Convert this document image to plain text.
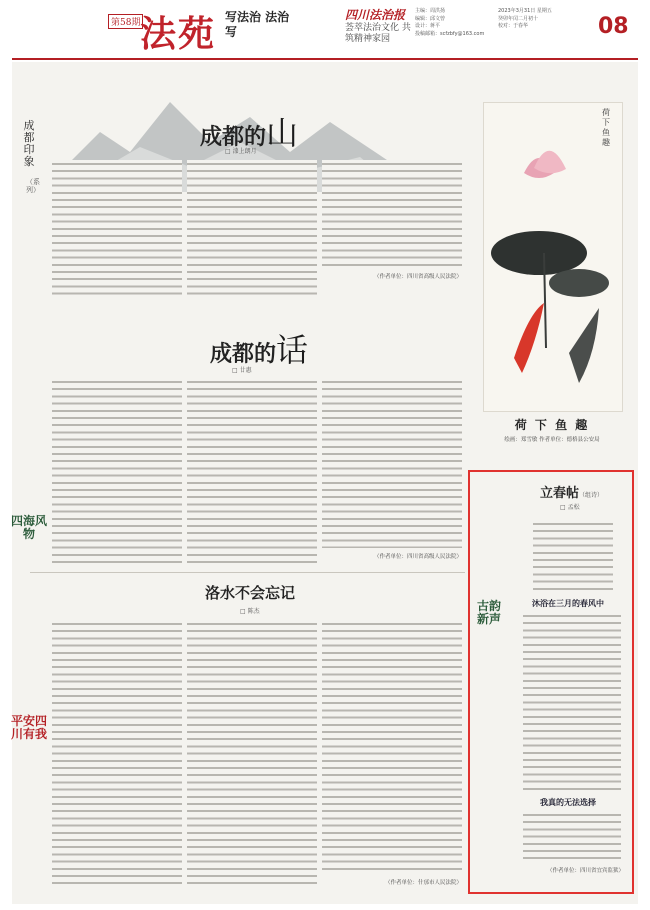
第58期 法苑 写法治 法治写
四川法治报
荟萃法治文化 共筑精神家园
主编：周洪扬
编辑：邱文曾
设计：蒋平
投稿邮箱：scfzbfy@163.com
2023年3月31日 星期五
癸卯年闰二月初十
校对：于春华	08
成都印象
（系列）
四海风物
平安四川有我
成都的山
□ 漆上朗月
（作者单位：四川省高级人民法院）
成都的话
□ 廿惠
（作者单位：四川省高级人民法院）
洛水不会忘记
□ 陈杰
（作者单位：什邡市人民法院）
荷下鱼趣
荷 下 鱼 趣
绘画：郑雪敏 作者单位：德格县公安局
古韵新声
立春帖（组诗）
□ 孟松
沐浴在三月的春风中
我真的无法选择
（作者单位：四川省宜宾监狱）
